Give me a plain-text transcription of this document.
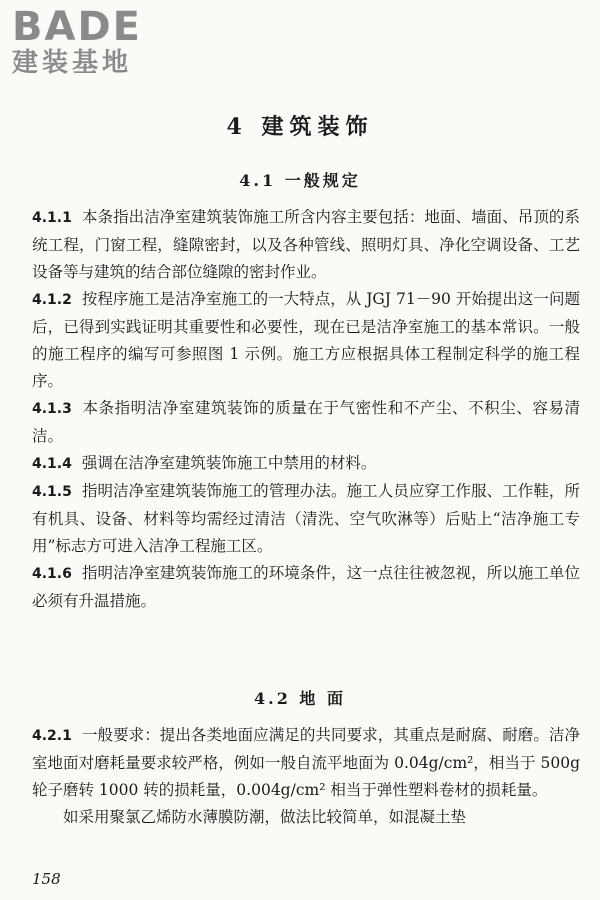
BADE
建装基地
4 建筑装饰
4.1 一般规定

4.1.1 本条指出洁净室建筑装饰施工所含内容主要包括：地面、墙面、吊顶的系统工程，门窗工程，缝隙密封，以及各种管线、照明灯具、净化空调设备、工艺设备等与建筑的结合部位缝隙的密封作业。

4.1.2 按程序施工是洁净室施工的一大特点，从 JGJ 71－90 开始提出这一问题后，已得到实践证明其重要性和必要性，现在已是洁净室施工的基本常识。一般的施工程序的编写可参照图 1 示例。施工方应根据具体工程制定科学的施工程序。

4.1.3 本条指明洁净室建筑装饰的质量在于气密性和不产尘、不积尘、容易清洁。

4.1.4 强调在洁净室建筑装饰施工中禁用的材料。

4.1.5 指明洁净室建筑装饰施工的管理办法。施工人员应穿工作服、工作鞋，所有机具、设备、材料等均需经过清洁（清洗、空气吹淋等）后贴上“洁净施工专用”标志方可进入洁净工程施工区。

4.1.6 指明洁净室建筑装饰施工的环境条件，这一点往往被忽视，所以施工单位必须有升温措施。

4.2 地 面

4.2.1 一般要求：提出各类地面应满足的共同要求，其重点是耐腐、耐磨。洁净室地面对磨耗量要求较严格，例如一般自流平地面为 0.04g/cm²，相当于 500g 轮子磨转 1000 转的损耗量，0.004g/cm² 相当于弹性塑料卷材的损耗量。

如采用聚氯乙烯防水薄膜防潮，做法比较简单，如混凝土垫

158
